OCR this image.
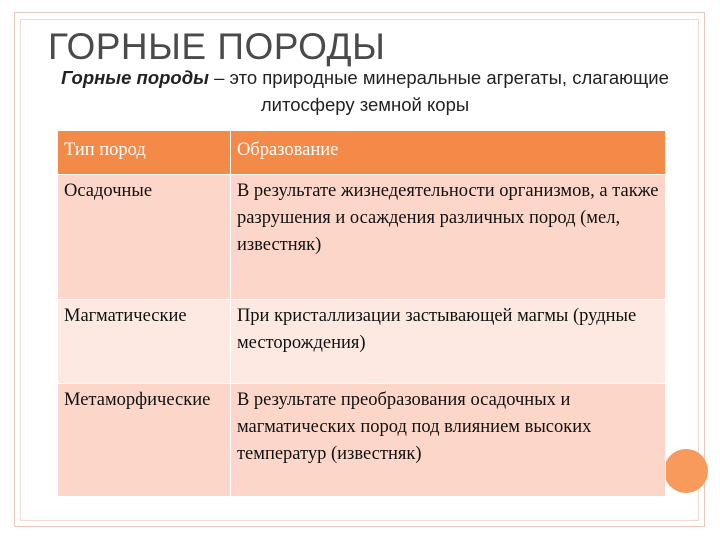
ГОРНЫЕ ПОРОДЫ
Горные породы – это природные минеральные агрегаты, слагающие литосферу земной коры
Тип пород	Образование
Осадочные	В результате жизнедеятельности организмов, а также разрушения и осаждения различных пород (мел, известняк)
Магматические	При кристаллизации застывающей магмы (рудные месторождения)
Метаморфические	В результате преобразования осадочных и магматических пород под влиянием высоких температур (известняк)
